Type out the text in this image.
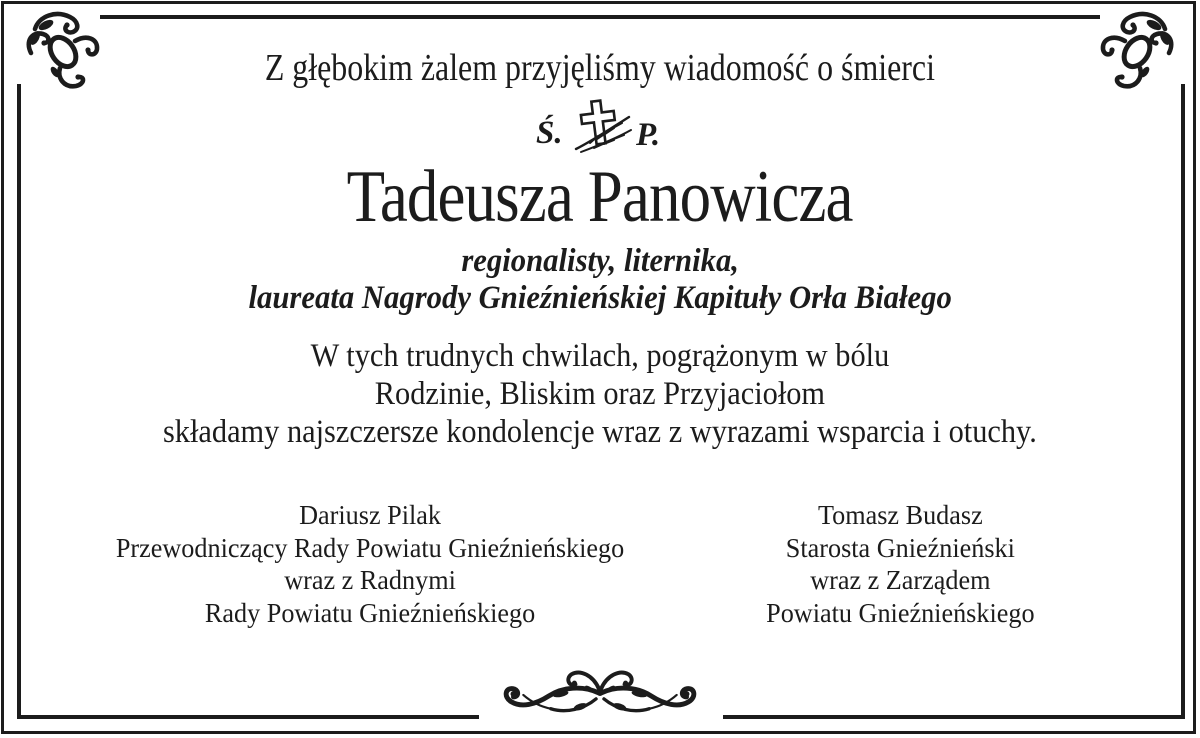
Z głębokim żalem przyjęliśmy wiadomość o śmierci
Ś. P.
Tadeusza Panowicza
regionalisty, liternika,
laureata Nagrody Gnieźnieńskiej Kapituły Orła Białego
W tych trudnych chwilach, pogrążonym w bólu
Rodzinie, Bliskim oraz Przyjaciołom
składamy najszczersze kondolencje wraz z wyrazami wsparcia i otuchy.
Dariusz Pilak
Przewodniczący Rady Powiatu Gnieźnieńskiego
wraz z Radnymi
Rady Powiatu Gnieźnieńskiego
Tomasz Budasz
Starosta Gnieźnieński
wraz z Zarządem
Powiatu Gnieźnieńskiego
